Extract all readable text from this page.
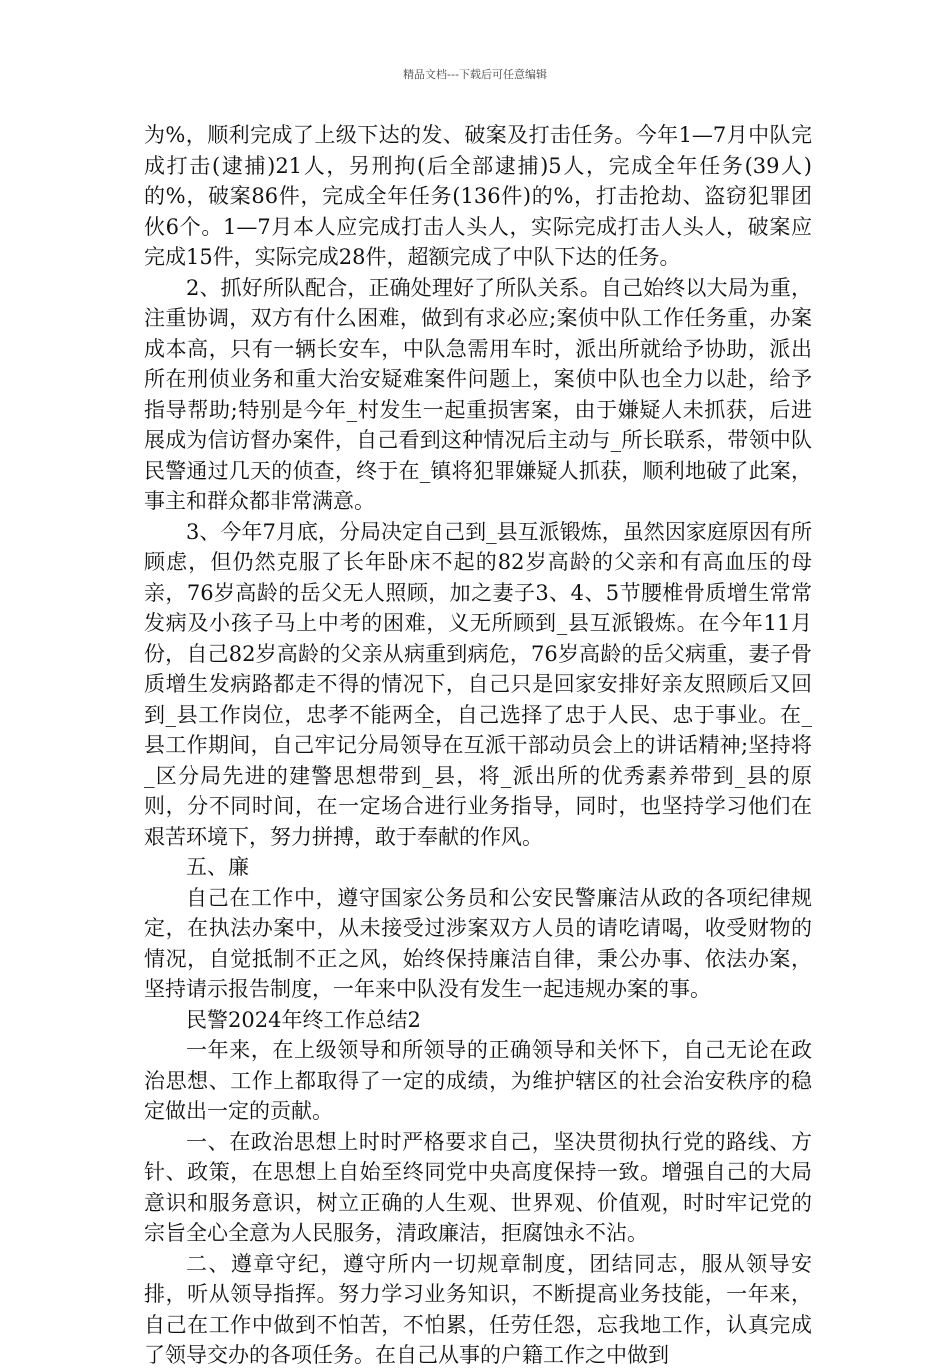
精品文档---下载后可任意编辑

为%，顺利完成了上级下达的发、破案及打击任务。今年1—7月中队完成打击(逮捕)21人，另刑拘(后全部逮捕)5人，完成全年任务(39人)的%，破案86件，完成全年任务(136件)的%，打击抢劫、盗窃犯罪团伙6个。1—7月本人应完成打击人头人，实际完成打击人头人，破案应完成15件，实际完成28件，超额完成了中队下达的任务。

2、抓好所队配合，正确处理好了所队关系。自己始终以大局为重，注重协调，双方有什么困难，做到有求必应;案侦中队工作任务重，办案成本高，只有一辆长安车，中队急需用车时，派出所就给予协助，派出所在刑侦业务和重大治安疑难案件问题上，案侦中队也全力以赴，给予指导帮助;特别是今年_村发生一起重损害案，由于嫌疑人未抓获，后进展成为信访督办案件，自己看到这种情况后主动与_所长联系，带领中队民警通过几天的侦查，终于在_镇将犯罪嫌疑人抓获，顺利地破了此案，事主和群众都非常满意。

3、今年7月底，分局决定自己到_县互派锻炼，虽然因家庭原因有所顾虑，但仍然克服了长年卧床不起的82岁高龄的父亲和有高血压的母亲，76岁高龄的岳父无人照顾，加之妻子3、4、5节腰椎骨质增生常常发病及小孩子马上中考的困难，义无所顾到_县互派锻炼。在今年11月份，自己82岁高龄的父亲从病重到病危，76岁高龄的岳父病重，妻子骨质增生发病路都走不得的情况下，自己只是回家安排好亲友照顾后又回到_县工作岗位，忠孝不能两全，自己选择了忠于人民、忠于事业。在_县工作期间，自己牢记分局领导在互派干部动员会上的讲话精神;坚持将_区分局先进的建警思想带到_县，将_派出所的优秀素养带到_县的原则，分不同时间，在一定场合进行业务指导，同时，也坚持学习他们在艰苦环境下，努力拼搏，敢于奉献的作风。

五、廉

自己在工作中，遵守国家公务员和公安民警廉洁从政的各项纪律规定，在执法办案中，从未接受过涉案双方人员的请吃请喝，收受财物的情况，自觉抵制不正之风，始终保持廉洁自律，秉公办事、依法办案，坚持请示报告制度，一年来中队没有发生一起违规办案的事。

民警2024年终工作总结2

一年来，在上级领导和所领导的正确领导和关怀下，自己无论在政治思想、工作上都取得了一定的成绩，为维护辖区的社会治安秩序的稳定做出一定的贡献。

一、在政治思想上时时严格要求自己，坚决贯彻执行党的路线、方针、政策，在思想上自始至终同党中央高度保持一致。增强自己的大局意识和服务意识，树立正确的人生观、世界观、价值观，时时牢记党的宗旨全心全意为人民服务，清政廉洁，拒腐蚀永不沾。

二、遵章守纪，遵守所内一切规章制度，团结同志，服从领导安排，听从领导指挥。努力学习业务知识，不断提高业务技能，一年来，自己在工作中做到不怕苦，不怕累，任劳任怨，忘我地工作，认真完成了领导交办的各项任务。在自己从事的户籍工作之中做到
